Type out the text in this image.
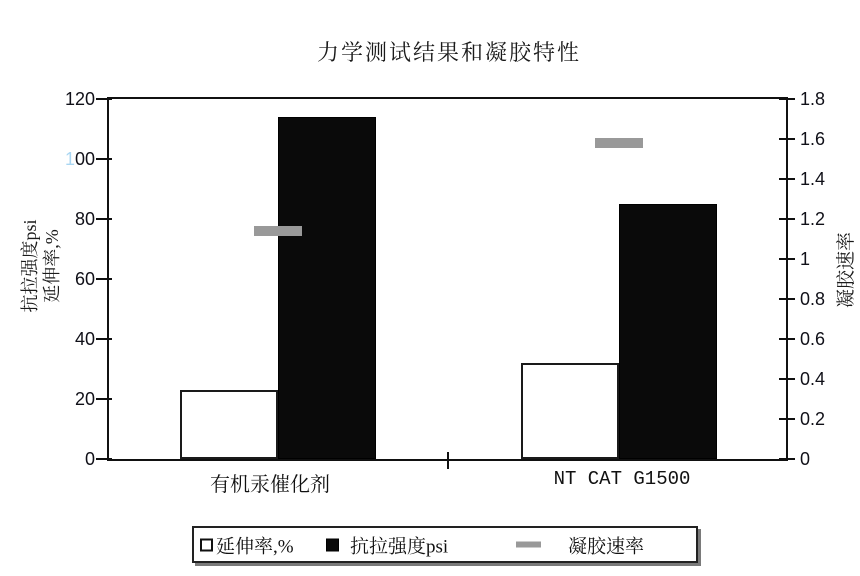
力学测试结果和凝胶特性
抗拉强度psi 延伸率,%	凝胶速率
0
20
40
60
80
100
120
0
0.2
0.4
0.6
0.8
1
1.2
1.4
1.6
1.8
有机汞催化剂	NT CAT G1500
延伸率,%	抗拉强度psi	凝胶速率
